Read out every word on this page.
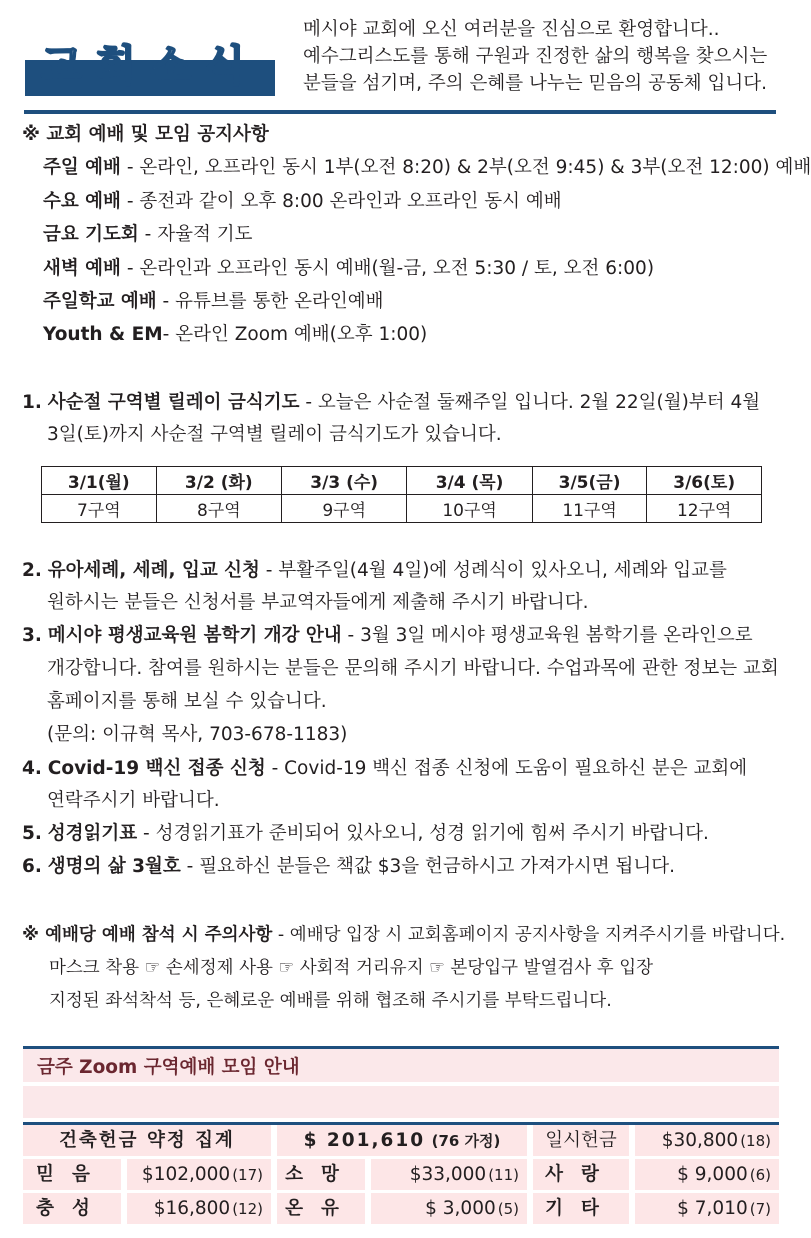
교회소식
메시야 교회에 오신 여러분을 진심으로 환영합니다..
예수그리스도를 통해 구원과 진정한 삶의 행복을 찾으시는
분들을 섬기며, 주의 은혜를 나누는 믿음의 공동체 입니다.
※ 교회 예배 및 모임 공지사항
주일 예배 - 온라인, 오프라인 동시 1부(오전 8:20) & 2부(오전 9:45) & 3부(오전 12:00) 예배
수요 예배 - 종전과 같이 오후 8:00 온라인과 오프라인 동시 예배
금요 기도회 - 자율적 기도
새벽 예배 - 온라인과 오프라인 동시 예배(월-금, 오전 5:30 / 토, 오전 6:00)
주일학교 예배 - 유튜브를 통한 온라인예배
Youth & EM- 온라인 Zoom 예배(오후 1:00)
1. 사순절 구역별 릴레이 금식기도 - 오늘은 사순절 둘째주일 입니다. 2월 22일(월)부터 4월
3일(토)까지 사순절 구역별 릴레이 금식기도가 있습니다.
3/1(월)	3/2 (화)	3/3 (수)	3/4 (목)	3/5(금)	3/6(토)
7구역	8구역	9구역	10구역	11구역	12구역
2. 유아세례, 세례, 입교 신청 - 부활주일(4월 4일)에 성례식이 있사오니, 세례와 입교를
원하시는 분들은 신청서를 부교역자들에게 제출해 주시기 바랍니다.
3. 메시야 평생교육원 봄학기 개강 안내 - 3월 3일 메시야 평생교육원 봄학기를 온라인으로
개강합니다. 참여를 원하시는 분들은 문의해 주시기 바랍니다. 수업과목에 관한 정보는 교회
홈페이지를 통해 보실 수 있습니다.
(문의: 이규혁 목사, 703-678-1183)
4. Covid-19 백신 접종 신청 - Covid-19 백신 접종 신청에 도움이 필요하신 분은 교회에
연락주시기 바랍니다.
5. 성경읽기표 - 성경읽기표가 준비되어 있사오니, 성경 읽기에 힘써 주시기 바랍니다.
6. 생명의 삶 3월호 - 필요하신 분들은 책값 $3을 헌금하시고 가져가시면 됩니다.
※ 예배당 예배 참석 시 주의사항 - 예배당 입장 시 교회홈페이지 공지사항을 지켜주시기를 바랍니다.
마스크 착용 ☞ 손세정제 사용 ☞ 사회적 거리유지 ☞ 본당입구 발열검사 후 입장
지정된 좌석착석 등, 은혜로운 예배를 위해 협조해 주시기를 부탁드립니다.
금주 Zoom 구역예배 모임 안내
건축헌금 약정 집계	$ 201,610 (76 가정)	일시헌금	$30,800 (18)
믿음	$102,000 (17)	소망	$33,000 (11)	사랑	$ 9,000 (6)
충성	$16,800 (12)	온유	$ 3,000 (5)	기타	$ 7,010 (7)
